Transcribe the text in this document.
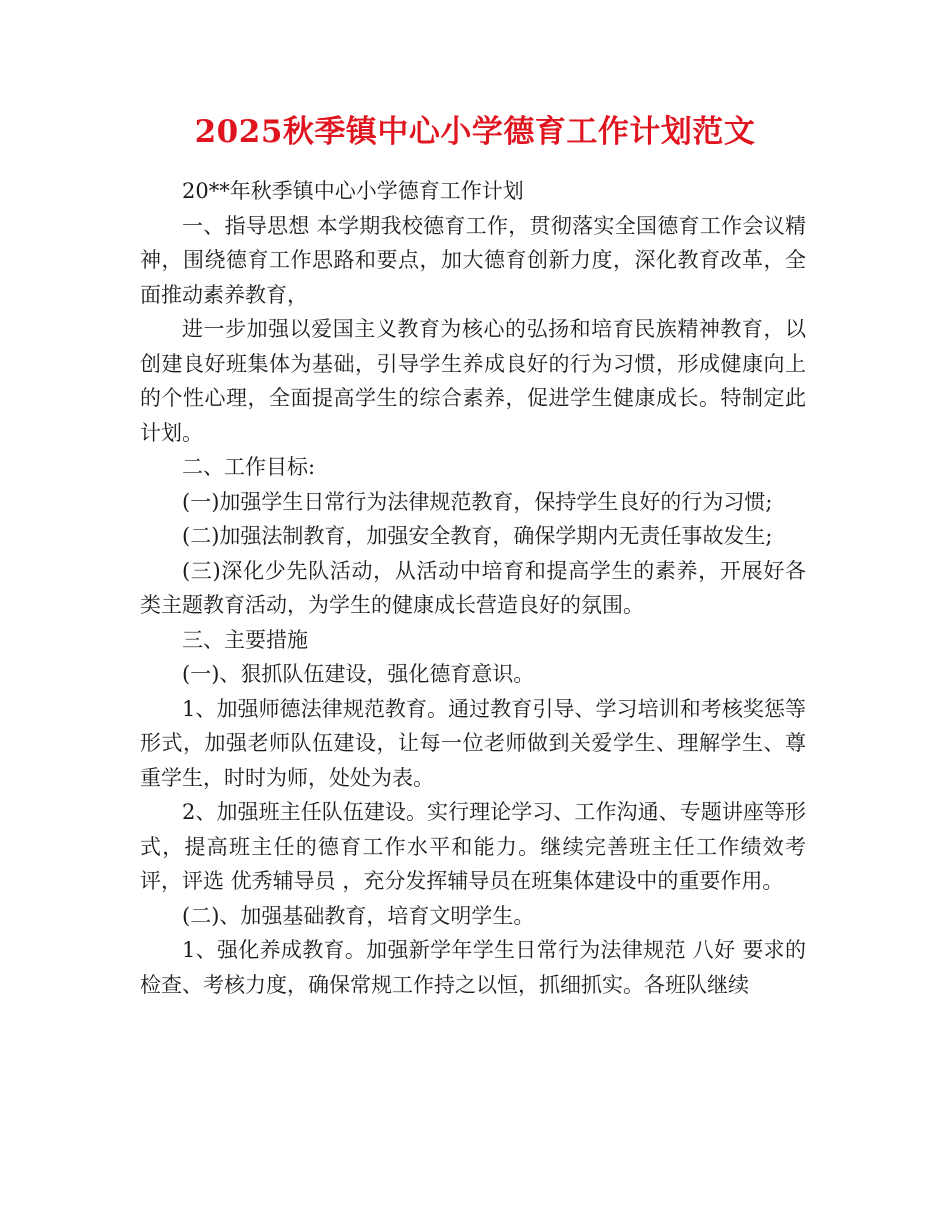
2025秋季镇中心小学德育工作计划范文

20**年秋季镇中心小学德育工作计划

一、指导思想 本学期我校德育工作，贯彻落实全国德育工作会议精神，围绕德育工作思路和要点，加大德育创新力度，深化教育改革，全面推动素养教育，

进一步加强以爱国主义教育为核心的弘扬和培育民族精神教育，以创建良好班集体为基础，引导学生养成良好的行为习惯，形成健康向上的个性心理，全面提高学生的综合素养，促进学生健康成长。特制定此计划。

二、工作目标:

(一)加强学生日常行为法律规范教育，保持学生良好的行为习惯;

(二)加强法制教育，加强安全教育，确保学期内无责任事故发生;

(三)深化少先队活动，从活动中培育和提高学生的素养，开展好各类主题教育活动，为学生的健康成长营造良好的氛围。

三、主要措施

(一)、狠抓队伍建设，强化德育意识。

1、加强师德法律规范教育。通过教育引导、学习培训和考核奖惩等形式，加强老师队伍建设，让每一位老师做到关爱学生、理解学生、尊重学生，时时为师，处处为表。

2、加强班主任队伍建设。实行理论学习、工作沟通、专题讲座等形式，提高班主任的德育工作水平和能力。继续完善班主任工作绩效考评，评选 优秀辅导员 ，充分发挥辅导员在班集体建设中的重要作用。

(二)、加强基础教育，培育文明学生。

1、强化养成教育。加强新学年学生日常行为法律规范 八好 要求的检查、考核力度，确保常规工作持之以恒，抓细抓实。各班队继续
